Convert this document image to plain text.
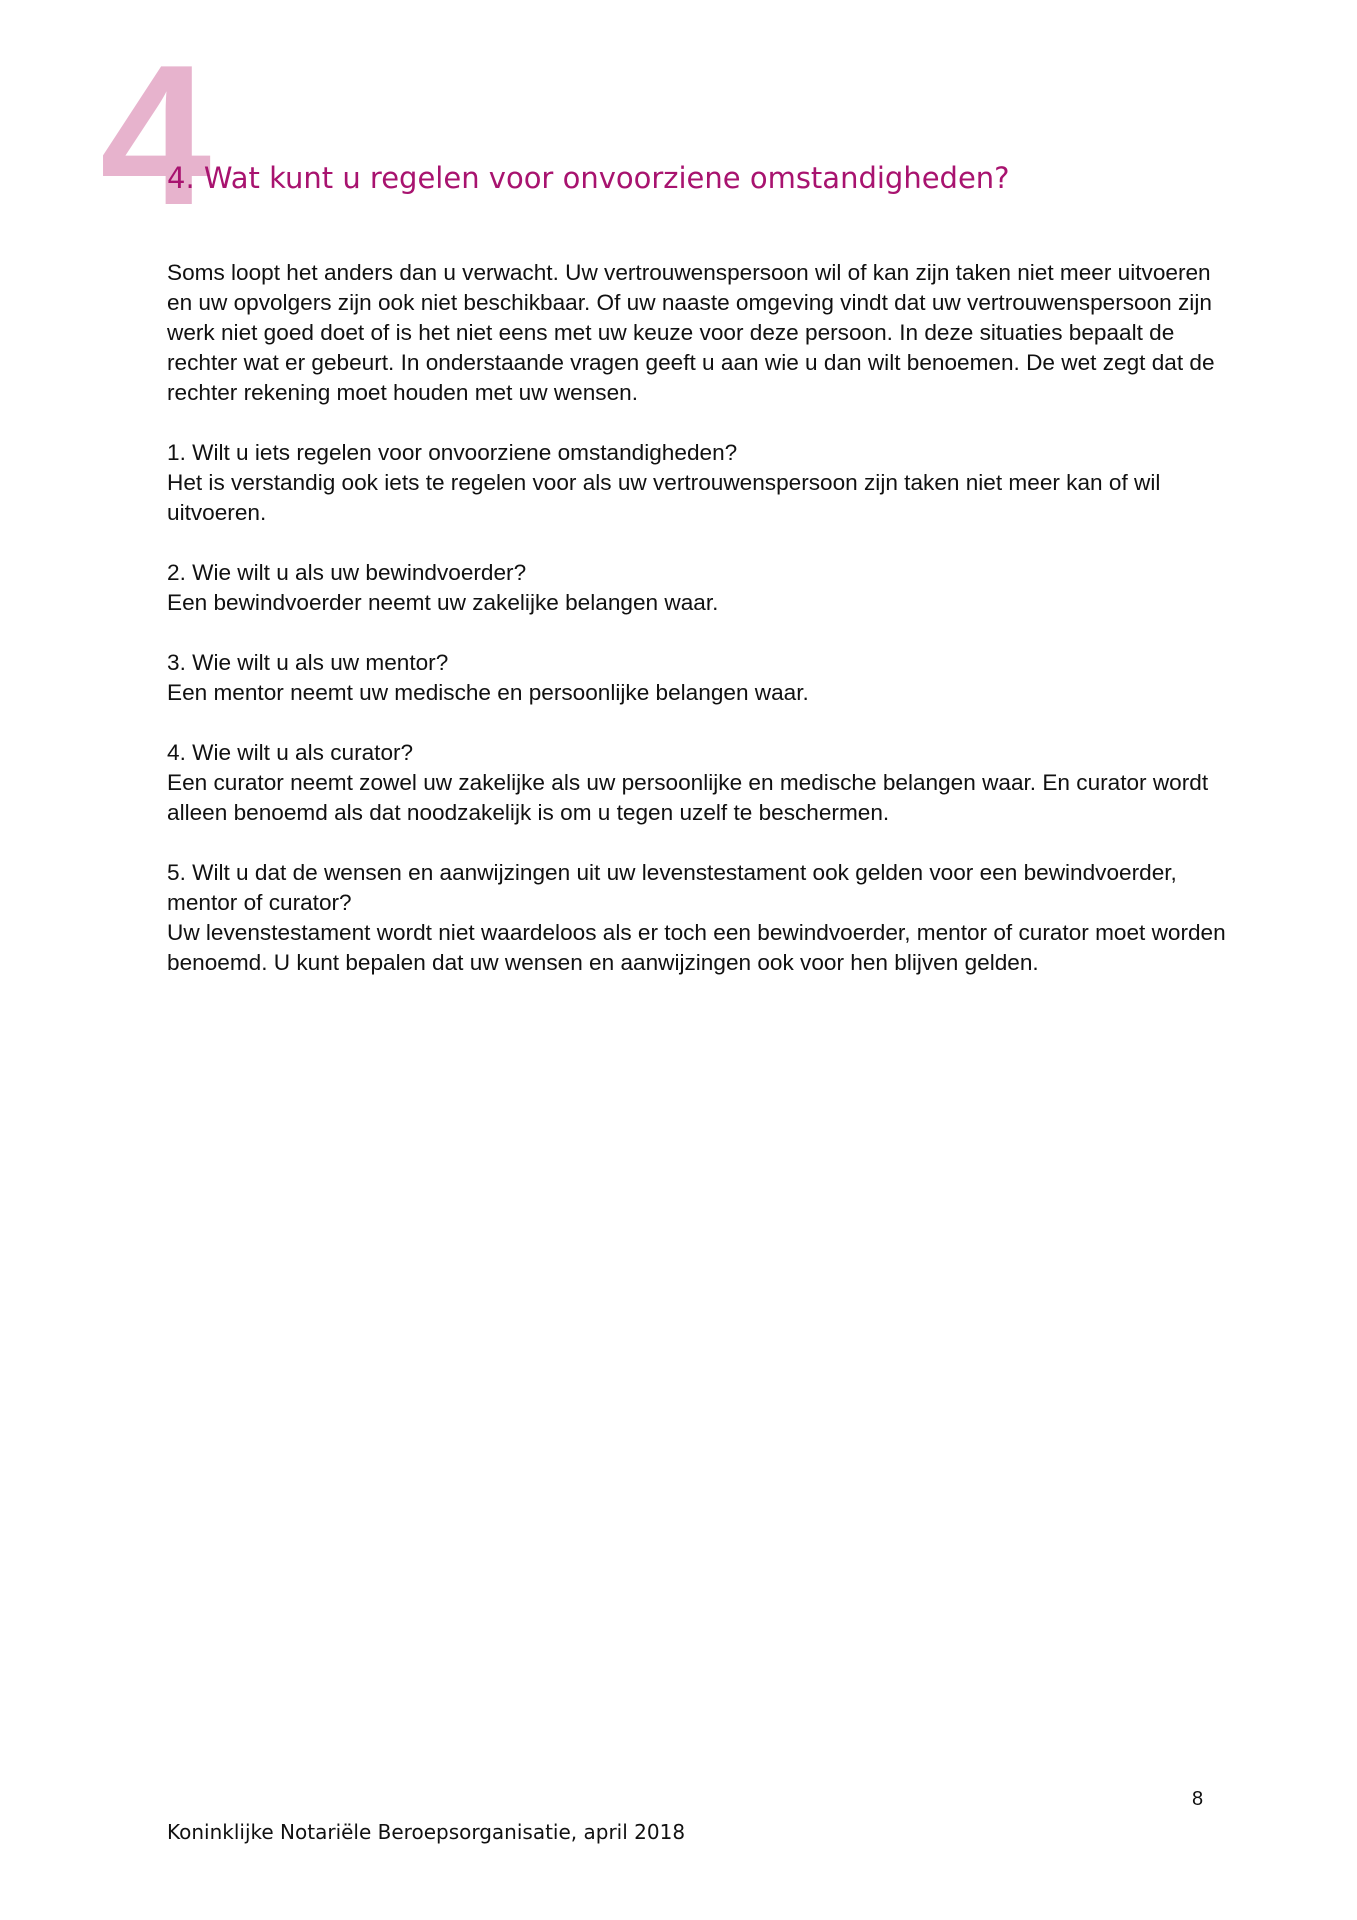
4
4. Wat kunt u regelen voor onvoorziene omstandigheden?

Soms loopt het anders dan u verwacht. Uw vertrouwenspersoon wil of kan zijn taken niet meer uitvoeren en uw opvolgers zijn ook niet beschikbaar. Of uw naaste omgeving vindt dat uw vertrouwenspersoon zijn werk niet goed doet of is het niet eens met uw keuze voor deze persoon. In deze situaties bepaalt de rechter wat er gebeurt. In onderstaande vragen geeft u aan wie u dan wilt benoemen. De wet zegt dat de rechter rekening moet houden met uw wensen.

1. Wilt u iets regelen voor onvoorziene omstandigheden?
Het is verstandig ook iets te regelen voor als uw vertrouwenspersoon zijn taken niet meer kan of wil uitvoeren.
2. Wie wilt u als uw bewindvoerder?
Een bewindvoerder neemt uw zakelijke belangen waar.
3. Wie wilt u als uw mentor?
Een mentor neemt uw medische en persoonlijke belangen waar.
4. Wie wilt u als curator?
Een curator neemt zowel uw zakelijke als uw persoonlijke en medische belangen waar. En curator wordt alleen benoemd als dat noodzakelijk is om u tegen uzelf te beschermen.
5. Wilt u dat de wensen en aanwijzingen uit uw levenstestament ook gelden voor een bewindvoerder, mentor of curator?
Uw levenstestament wordt niet waardeloos als er toch een bewindvoerder, mentor of curator moet worden benoemd. U kunt bepalen dat uw wensen en aanwijzingen ook voor hen blijven gelden.
8
Koninklijke Notariële Beroepsorganisatie, april 2018
